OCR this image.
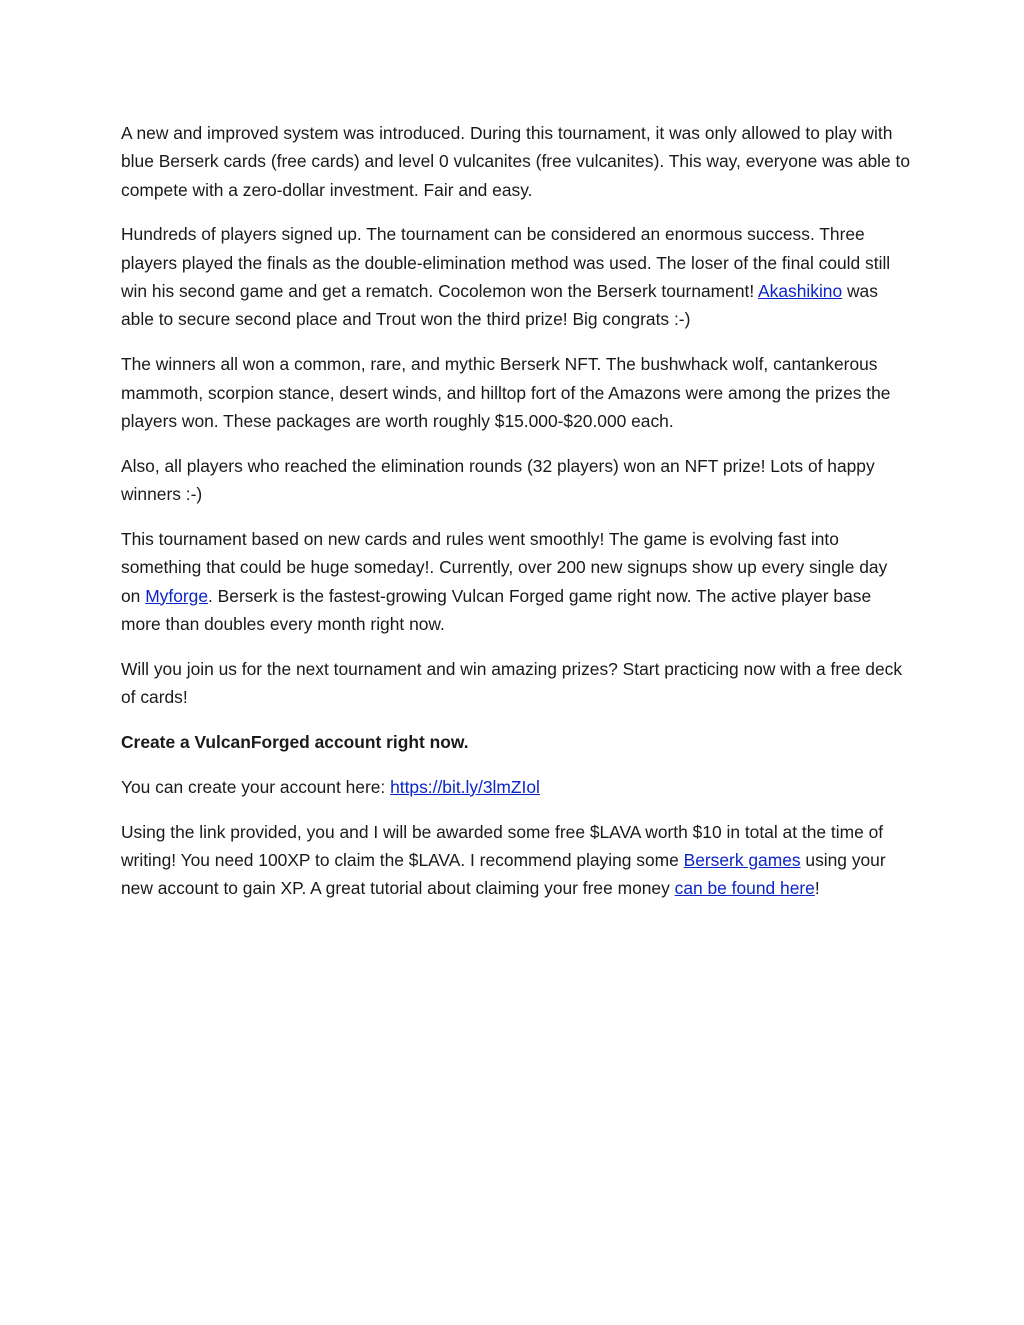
A new and improved system was introduced. During this tournament, it was only allowed to play with blue Berserk cards (free cards) and level 0 vulcanites (free vulcanites). This way, everyone was able to compete with a zero-dollar investment. Fair and easy.

Hundreds of players signed up. The tournament can be considered an enormous success. Three players played the finals as the double-elimination method was used. The loser of the final could still win his second game and get a rematch. Cocolemon won the Berserk tournament! Akashikino was able to secure second place and Trout won the third prize! Big congrats :-)

The winners all won a common, rare, and mythic Berserk NFT. The bushwhack wolf, cantankerous mammoth, scorpion stance, desert winds, and hilltop fort of the Amazons were among the prizes the players won. These packages are worth roughly $15.000-$20.000 each.

Also, all players who reached the elimination rounds (32 players) won an NFT prize! Lots of happy winners :-)

This tournament based on new cards and rules went smoothly! The game is evolving fast into something that could be huge someday!. Currently, over 200 new signups show up every single day on Myforge. Berserk is the fastest-growing Vulcan Forged game right now. The active player base more than doubles every month right now.

Will you join us for the next tournament and win amazing prizes? Start practicing now with a free deck of cards!

Create a VulcanForged account right now.

You can create your account here: https://bit.ly/3lmZIol

Using the link provided, you and I will be awarded some free $LAVA worth $10 in total at the time of writing! You need 100XP to claim the $LAVA. I recommend playing some Berserk games using your new account to gain XP. A great tutorial about claiming your free money can be found here!
